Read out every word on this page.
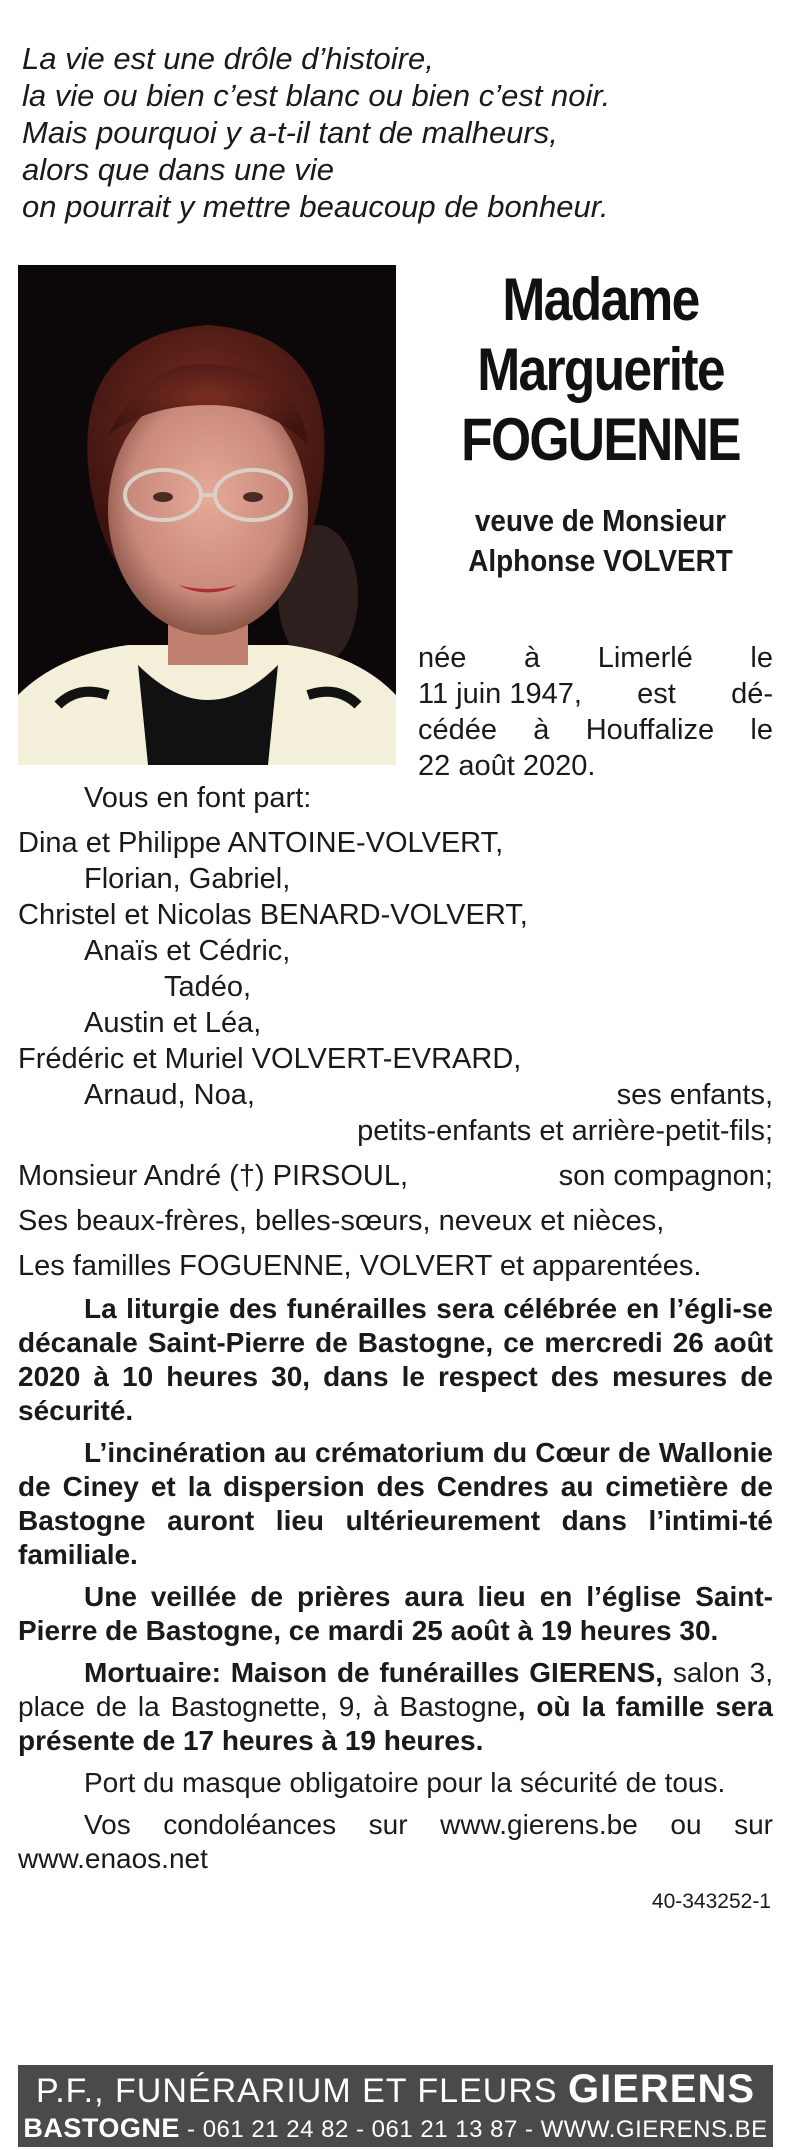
La vie est une drôle d’histoire,
la vie ou bien c’est blanc ou bien c’est noir.
Mais pourquoi y a-t-il tant de malheurs,
alors que dans une vie
on pourrait y mettre beaucoup de bonheur.
Madame
Marguerite
FOGUENNE
veuve de Monsieur
Alphonse VOLVERT
née à Limerlé le
11 juin 1947, est dé-
cédée à Houffalize le
22 août 2020.
Vous en font part:
Dina et Philippe ANTOINE-VOLVERT,
Florian, Gabriel,
Christel et Nicolas BENARD-VOLVERT,
Anaïs et Cédric,
Tadéo,
Austin et Léa,
Frédéric et Muriel VOLVERT-EVRARD,
Arnaud, Noa,	ses enfants,
petits-enfants et arrière-petit-fils;
Monsieur André (†) PIRSOUL,	son compagnon;
Ses beaux-frères, belles-sœurs, neveux et nièces,
Les familles FOGUENNE, VOLVERT et apparentées.
La liturgie des funérailles sera célébrée en l’égli-se décanale Saint-Pierre de Bastogne, ce mercredi 26 août 2020 à 10 heures 30, dans le respect des mesures de sécurité.
L’incinération au crématorium du Cœur de Wallonie de Ciney et la dispersion des Cendres au cimetière de Bastogne auront lieu ultérieurement dans l’intimi-té familiale.
Une veillée de prières aura lieu en l’église Saint-Pierre de Bastogne, ce mardi 25 août à 19 heures 30.
Mortuaire: Maison de funérailles GIERENS, salon 3, place de la Bastognette, 9, à Bastogne, où la famille sera présente de 17 heures à 19 heures.
Port du masque obligatoire pour la sécurité de tous.
Vos condoléances sur www.gierens.be ou sur www.enaos.net
40-343252-1
P.F., FUNÉRARIUM ET FLEURS GIERENS
BASTOGNE - 061 21 24 82 - 061 21 13 87 - WWW.GIERENS.BE
